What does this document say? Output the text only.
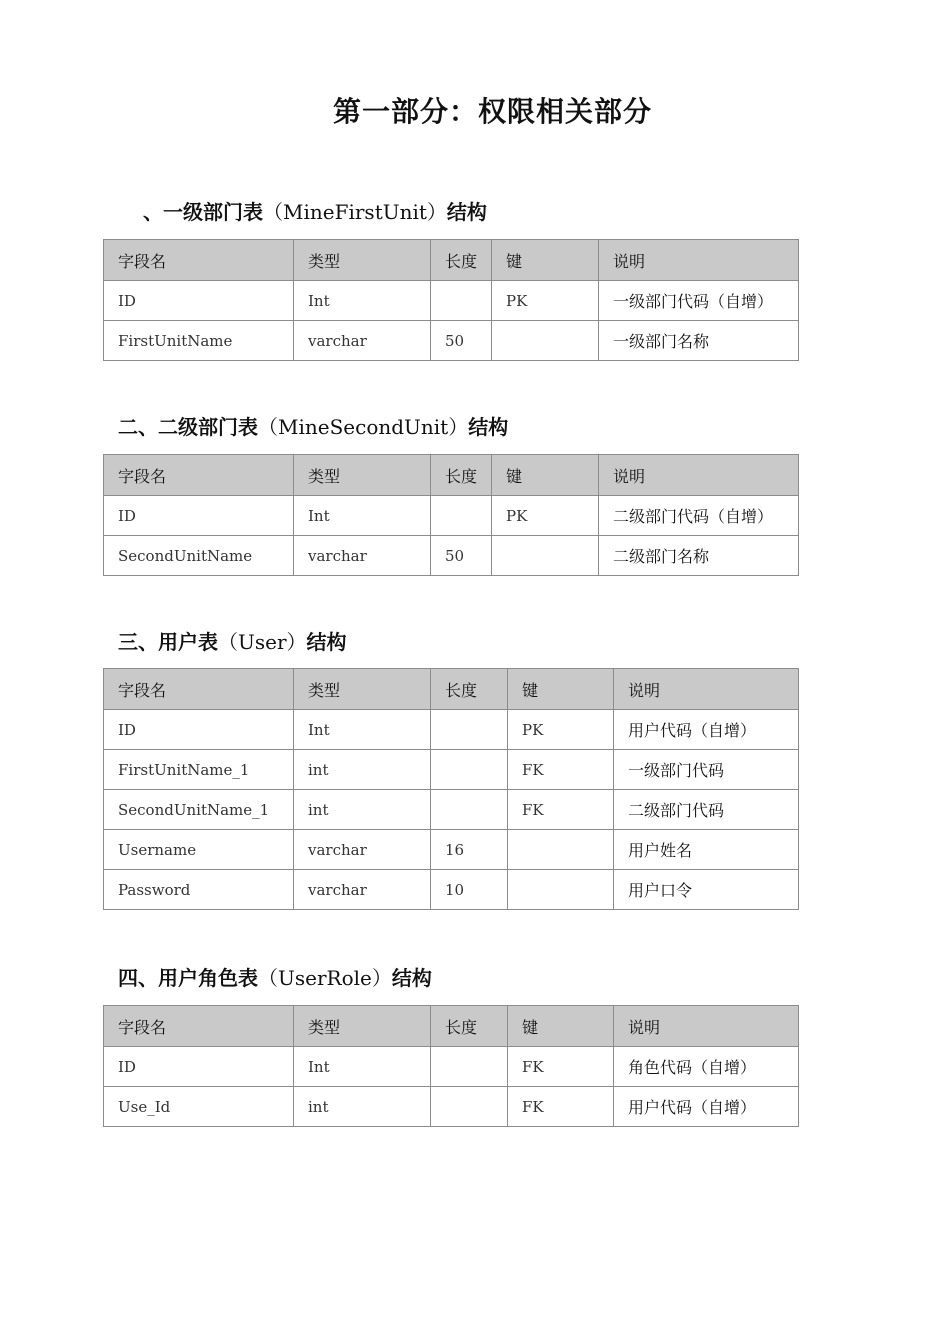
第一部分：权限相关部分
、一级部门表（MineFirstUnit）结构
字段名	类型	长度	键	说明
ID	Int		PK	一级部门代码（自增）
FirstUnitName	varchar	50		一级部门名称
二、二级部门表（MineSecondUnit）结构
字段名	类型	长度	键	说明
ID	Int		PK	二级部门代码（自增）
SecondUnitName	varchar	50		二级部门名称
三、用户表（User）结构
字段名	类型	长度	键	说明
ID	Int		PK	用户代码（自增）
FirstUnitName_1	int		FK	一级部门代码
SecondUnitName_1	int		FK	二级部门代码
Username	varchar	16		用户姓名
Password	varchar	10		用户口令
四、用户角色表（UserRole）结构
字段名	类型	长度	键	说明
ID	Int		FK	角色代码（自增）
Use_Id	int		FK	用户代码（自增）
